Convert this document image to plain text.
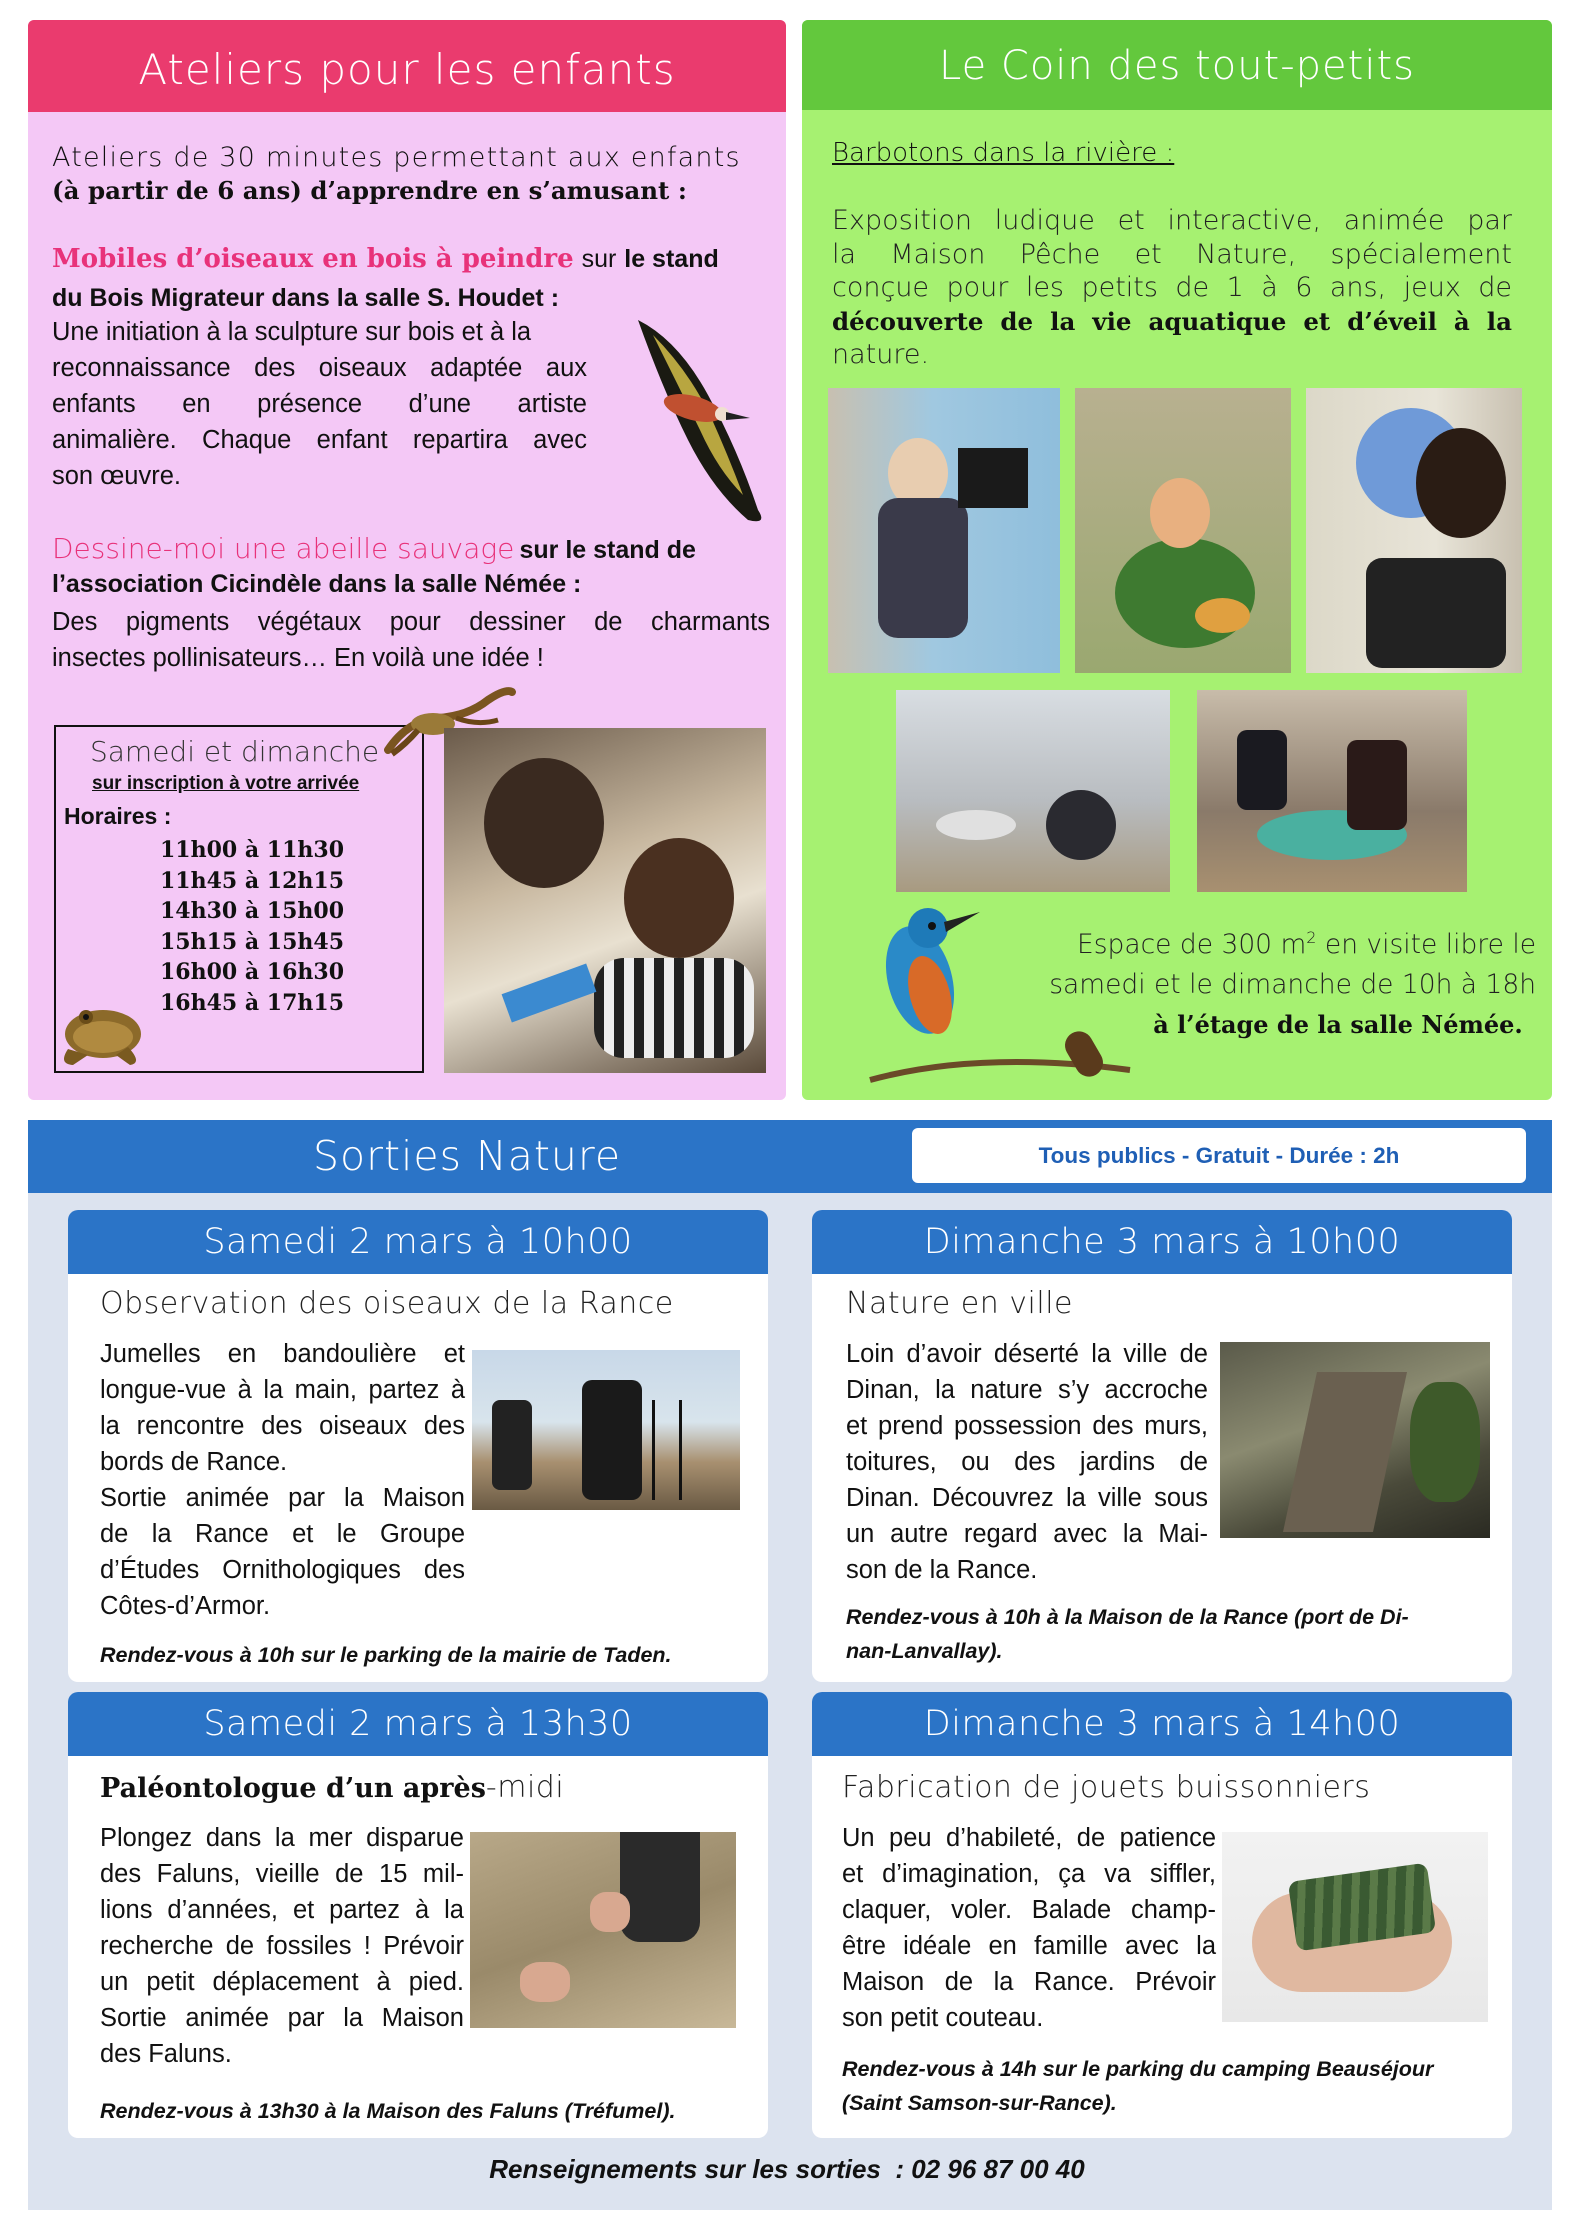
Ateliers pour les enfants
Ateliers de 30 minutes permettant aux enfants
(à partir de 6 ans) d’apprendre en s’amusant :
Mobiles d’oiseaux en bois à peindre sur le stand
du Bois Migrateur dans la salle S. Houdet :
Une initiation à la sculpture sur bois et à la
reconnaissance des oiseaux adaptée aux
enfants en présence d’une artiste
animalière. Chaque enfant repartira avec
son œuvre.
Dessine-moi une abeille sauvage sur le stand de
l’association Cicindèle dans la salle Némée :
Des pigments végétaux pour dessiner de charmants
insectes pollinisateurs… En voilà une idée !
Samedi et dimanche
sur inscription à votre arrivée
Horaires :
11h00 à 11h30
11h45 à 12h15
14h30 à 15h00
15h15 à 15h45
16h00 à 16h30
16h45 à 17h15
Le Coin des tout-petits
Barbotons dans la rivière :
Exposition ludique et interactive, animée par
la Maison Pêche et Nature, spécialement
conçue pour les petits de 1 à 6 ans, jeux de
découverte de la vie aquatique et d’éveil à la
nature.
Espace de 300 $m^2$ en visite libre le
samedi et le dimanche de 10h à 18h
à l’étage de la salle Némée.
Sorties Nature	Tous publics - Gratuit - Durée : 2h
Samedi 2 mars à 10h00
Observation des oiseaux de la Rance
Jumelles en bandoulière et
longue-vue à la main, partez à
la rencontre des oiseaux des
bords de Rance.
Sortie animée par la Maison
de la Rance et le Groupe
d’Études Ornithologiques des
Côtes-d’Armor.
Rendez-vous à 10h sur le parking de la mairie de Taden.
Dimanche 3 mars à 10h00
Nature en ville
Loin d’avoir déserté la ville de
Dinan, la nature s’y accroche
et prend possession des murs,
toitures, ou des jardins de
Dinan. Découvrez la ville sous
un autre regard avec la Mai-
son de la Rance.
Rendez-vous à 10h à la Maison de la Rance (port de Di-
nan-Lanvallay).
Samedi 2 mars à 13h30
Paléontologue d’un après-midi
Plongez dans la mer disparue
des Faluns, vieille de 15 mil-
lions d’années, et partez à la
recherche de fossiles ! Prévoir
un petit déplacement à pied.
Sortie animée par la Maison
des Faluns.
Rendez-vous à 13h30 à la Maison des Faluns (Tréfumel).
Dimanche 3 mars à 14h00
Fabrication de jouets buissonniers
Un peu d’habileté, de patience
et d’imagination, ça va siffler,
claquer, voler. Balade champ-
être idéale en famille avec la
Maison de la Rance. Prévoir
son petit couteau.
Rendez-vous à 14h sur le parking du camping Beauséjour
(Saint Samson-sur-Rance).
Renseignements sur les sorties  : 02 96 87 00 40
